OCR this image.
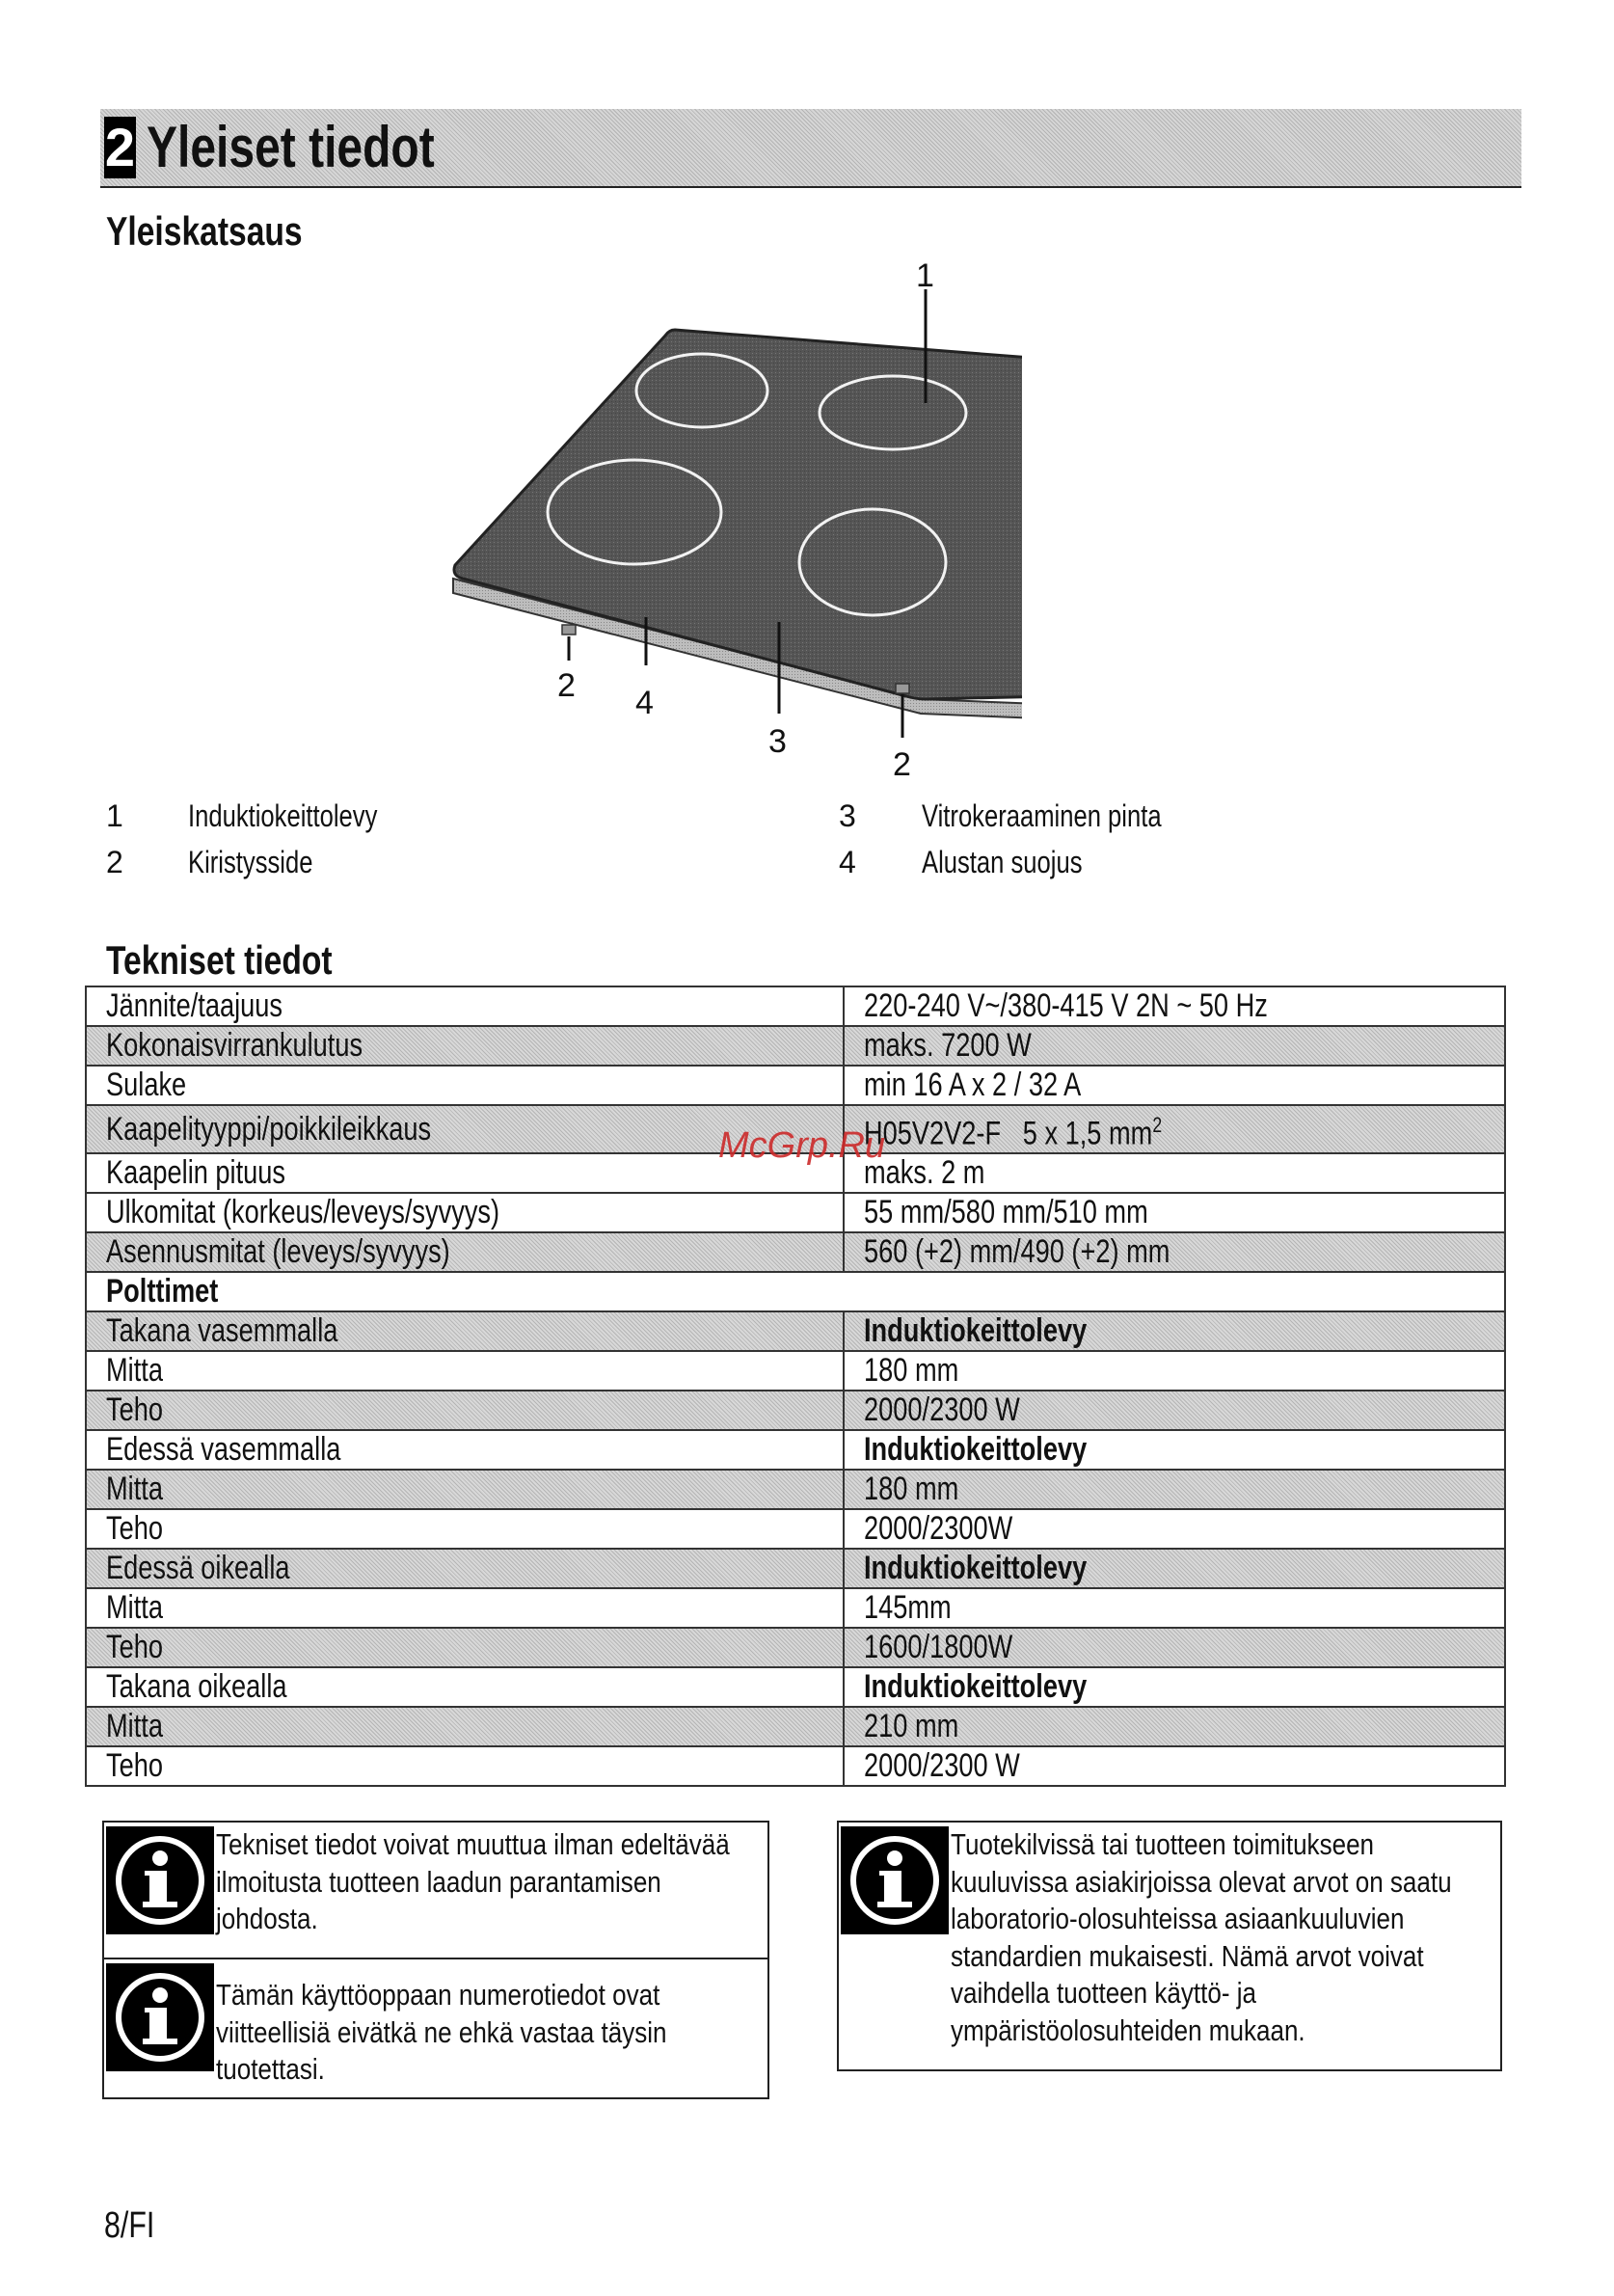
2 Yleiset tiedot
Yleiskatsaus
1
2 4
3
2
1 Induktiokeittolevy
2 Kiristysside
3 Vitrokeraaminen pinta
4 Alustan suojus
Tekniset tiedot
Jännite/taajuus	220-240 V~/380-415 V 2N ~ 50 Hz
Kokonaisvirrankulutus	maks. 7200 W
Sulake	min 16 A x 2 / 32 A
Kaapelityyppi/poikkileikkaus	H05V2V2-F   5 x 1,5 $mm^2$
Kaapelin pituus	maks. 2 m
Ulkomitat (korkeus/leveys/syvyys)	55 mm/580 mm/510 mm
Asennusmitat (leveys/syvyys)	560 (+2) mm/490 (+2) mm
Polttimet	
Takana vasemmalla	Induktiokeittolevy
Mitta	180 mm
Teho	2000/2300 W
Edessä vasemmalla	Induktiokeittolevy
Mitta	180 mm
Teho	2000/2300W
Edessä oikealla	Induktiokeittolevy
Mitta	145mm
Teho	1600/1800W
Takana oikealla	Induktiokeittolevy
Mitta	210 mm
Teho	2000/2300 W
Tekniset tiedot voivat muuttua ilman edeltävää
ilmoitusta tuotteen laadun parantamisen
johdosta.
Tämän käyttöoppaan numerotiedot ovat
viitteellisiä eivätkä ne ehkä vastaa täysin
tuotettasi.
Tuotekilvissä tai tuotteen toimitukseen
kuuluvissa asiakirjoissa olevat arvot on saatu
laboratorio-olosuhteissa asiaankuuluvien
standardien mukaisesti. Nämä arvot voivat
vaihdella tuotteen käyttö- ja
ympäristöolosuhteiden mukaan.
McGrp.Ru
8/FI
